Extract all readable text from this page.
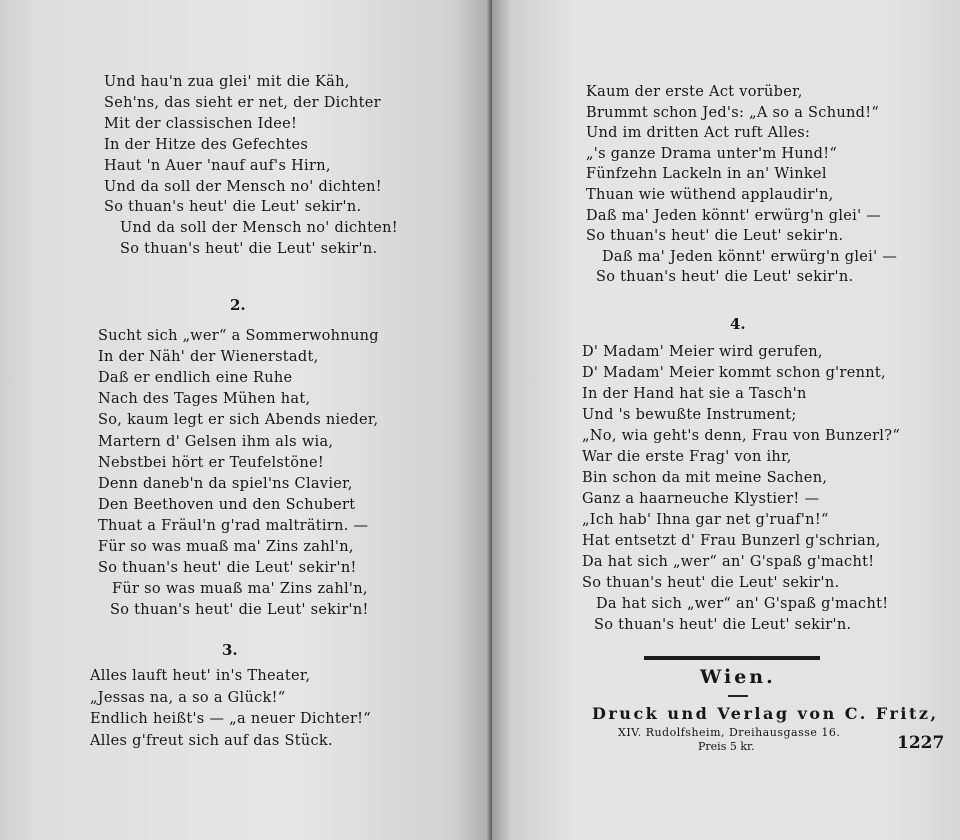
Und hau'n zua glei' mit die Käh,
Seh'ns, das sieht er net, der Dichter
Mit der classischen Idee!
In der Hitze des Gefechtes
Haut 'n Auer 'nauf auf's Hirn,
Und da soll der Mensch no' dichten!
So thuan's heut' die Leut' sekir'n.
Und da soll der Mensch no' dichten!
So thuan's heut' die Leut' sekir'n.
2.
Sucht sich „wer“ a Sommerwohnung
In der Näh' der Wienerstadt,
Daß er endlich eine Ruhe
Nach des Tages Mühen hat,
So, kaum legt er sich Abends nieder,
Martern d' Gelsen ihm als wia,
Nebstbei hört er Teufelstöne!
Denn daneb'n da spiel'ns Clavier,
Den Beethoven und den Schubert
Thuat a Fräul'n g'rad malträtirn. —
Für so was muaß ma' Zins zahl'n,
So thuan's heut' die Leut' sekir'n!
Für so was muaß ma' Zins zahl'n,
So thuan's heut' die Leut' sekir'n!
3.
Alles lauft heut' in's Theater,
„Jessas na, a so a Glück!“
Endlich heißt's — „a neuer Dichter!“
Alles g'freut sich auf das Stück.
Wien.
Druck und Verlag von C. Fritz,
XIV. Rudolfsheim, Dreihausgasse 16.
Preis 5 kr.	1227
Kaum der erste Act vorüber,
Brummt schon Jed's: „A so a Schund!“
Und im dritten Act ruft Alles:
„'s ganze Drama unter'm Hund!“
Fünfzehn Lackeln in an' Winkel
Thuan wie wüthend applaudir'n,
Daß ma' Jeden könnt' erwürg'n glei' —
So thuan's heut' die Leut' sekir'n.
Daß ma' Jeden könnt' erwürg'n glei' —
So thuan's heut' die Leut' sekir'n.
4.
D' Madam' Meier wird gerufen,
D' Madam' Meier kommt schon g'rennt,
In der Hand hat sie a Tasch'n
Und 's bewußte Instrument;
„No, wia geht's denn, Frau von Bunzerl?“
War die erste Frag' von ihr,
Bin schon da mit meine Sachen,
Ganz a haarneuche Klystier! —
„Ich hab' Ihna gar net g'ruaf'n!“
Hat entsetzt d' Frau Bunzerl g'schrian,
Da hat sich „wer“ an' G'spaß g'macht!
So thuan's heut' die Leut' sekir'n.
Da hat sich „wer“ an' G'spaß g'macht!
So thuan's heut' die Leut' sekir'n.
